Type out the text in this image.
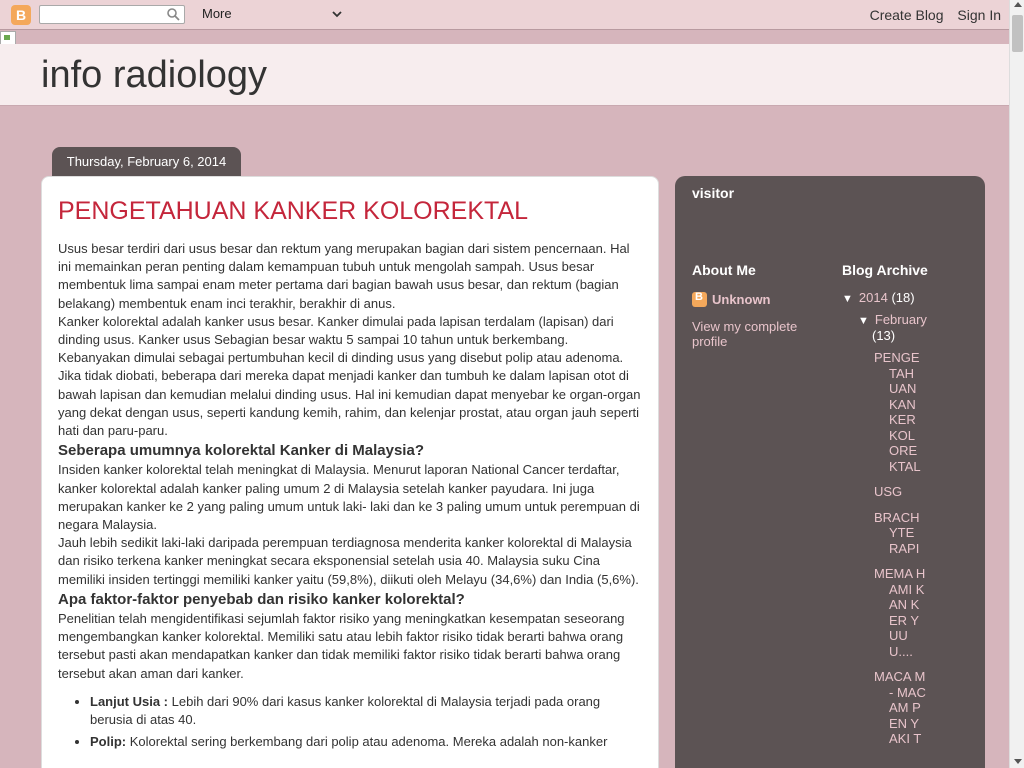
B	More	Create Blog Sign In
info radiology
Thursday, February 6, 2014
PENGETAHUAN KANKER KOLOREKTAL

Usus besar terdiri dari usus besar dan rektum yang merupakan bagian dari sistem pencernaan. Hal ini memainkan peran penting dalam kemampuan tubuh untuk mengolah sampah. Usus besar membentuk lima sampai enam meter pertama dari bagian bawah usus besar, dan rektum (bagian belakang) membentuk enam inci terakhir, berakhir di anus.

Kanker kolorektal adalah kanker usus besar. Kanker dimulai pada lapisan terdalam (lapisan) dari dinding usus. Kanker usus Sebagian besar waktu 5 sampai 10 tahun untuk berkembang. Kebanyakan dimulai sebagai pertumbuhan kecil di dinding usus yang disebut polip atau adenoma. Jika tidak diobati, beberapa dari mereka dapat menjadi kanker dan tumbuh ke dalam lapisan otot di bawah lapisan dan kemudian melalui dinding usus. Hal ini kemudian dapat menyebar ke organ-organ yang dekat dengan usus, seperti kandung kemih, rahim, dan kelenjar prostat, atau organ jauh seperti hati dan paru-paru.

Seberapa umumnya kolorektal Kanker di Malaysia?

Insiden kanker kolorektal telah meningkat di Malaysia. Menurut laporan National Cancer terdaftar, kanker kolorektal adalah kanker paling umum 2 di Malaysia setelah kanker payudara. Ini juga merupakan kanker ke 2 yang paling umum untuk laki- laki dan ke 3 paling umum untuk perempuan di negara Malaysia.

Jauh lebih sedikit laki-laki daripada perempuan terdiagnosa menderita kanker kolorektal di Malaysia dan risiko terkena kanker meningkat secara eksponensial setelah usia 40. Malaysia suku Cina memiliki insiden tertinggi memiliki kanker yaitu (59,8%), diikuti oleh Melayu (34,6%) dan India (5,6%).

Apa faktor-faktor penyebab dan risiko kanker kolorektal?

Penelitian telah mengidentifikasi sejumlah faktor risiko yang meningkatkan kesempatan seseorang mengembangkan kanker kolorektal. Memiliki satu atau lebih faktor risiko tidak berarti bahwa orang tersebut pasti akan mendapatkan kanker dan tidak memiliki faktor risiko tidak berarti bahwa orang tersebut akan aman dari kanker.

• Lanjut Usia : Lebih dari 90% dari kasus kanker kolorektal di Malaysia terjadi pada orang berusia di atas 40.
• Polip: Kolorektal sering berkembang dari polip atau adenoma. Mereka adalah non-kanker
visitor
About Me
BUnknown
View my complete profile
Blog Archive
▼ 2014 (18)
▼ February
(13)
PENGE TAH UAN KAN KER KOL ORE KTAL
USG
BRACH YTE RAPI
MEMA HAMI KAN KER YUU U....
MACA M- MAC AM PEN YAKI T
